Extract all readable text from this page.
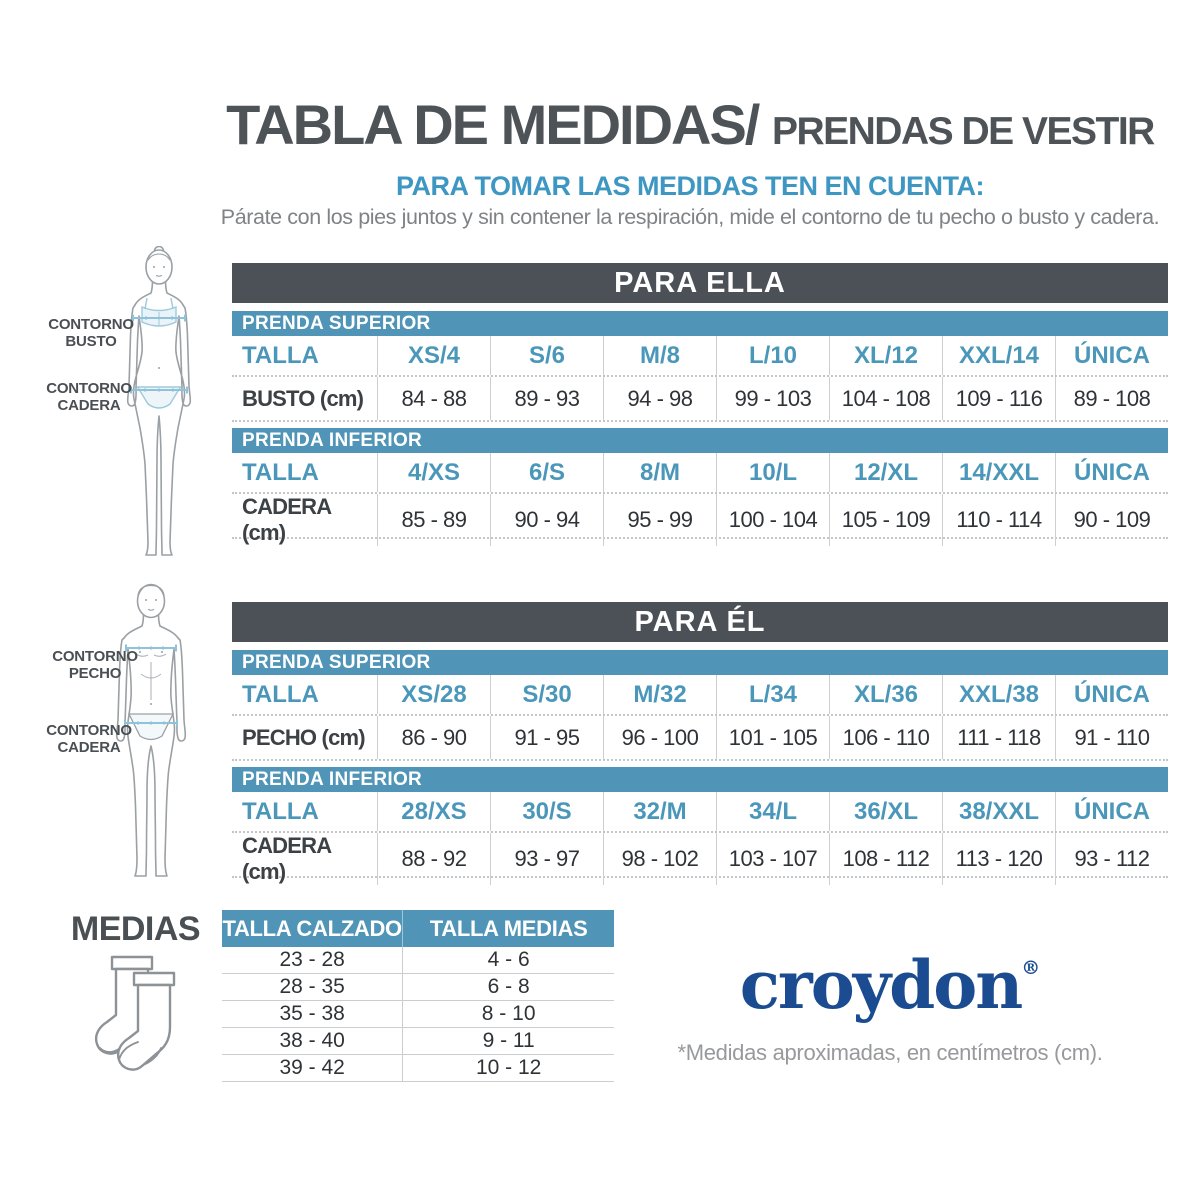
TABLA DE MEDIDAS/ PRENDAS DE VESTIR
PARA TOMAR LAS MEDIDAS TEN EN CUENTA:
Párate con los pies juntos y sin contener la respiración, mide el contorno de tu pecho o busto y cadera.
CONTORNO BUSTO
CONTORNO CADERA
CONTORNO PECHO
CONTORNO CADERA
PARA ELLA
PRENDA SUPERIOR
TALLA	XS/4	S/6	M/8	L/10	XL/12	XXL/14	ÚNICA
BUSTO (cm)	84 - 88	89 - 93	94 - 98	99 - 103	104 - 108	109 - 116	89 - 108
PRENDA INFERIOR
TALLA	4/XS	6/S	8/M	10/L	12/XL	14/XXL	ÚNICA
CADERA (cm)
85 - 89	90 - 94	95 - 99	100 - 104	105 - 109	110 - 114	90 - 109
PARA ÉL
PRENDA SUPERIOR
TALLA	XS/28	S/30	M/32	L/34	XL/36	XXL/38	ÚNICA
PECHO (cm)	86 - 90	91 - 95	96 - 100	101 - 105	106 - 110	111 - 118	91 - 110
PRENDA INFERIOR
TALLA	28/XS	30/S	32/M	34/L	36/XL	38/XXL	ÚNICA
CADERA (cm)
88 - 92	93 - 97	98 - 102	103 - 107	108 - 112	113 - 120	93 - 112
MEDIAS	TALLA CALZADO	TALLA MEDIAS
23 - 28	4 - 6
28 - 35	6 - 8
35 - 38	8 - 10
38 - 40	9 - 11
39 - 42	10 - 12
croydon®
*Medidas aproximadas, en centímetros (cm).
